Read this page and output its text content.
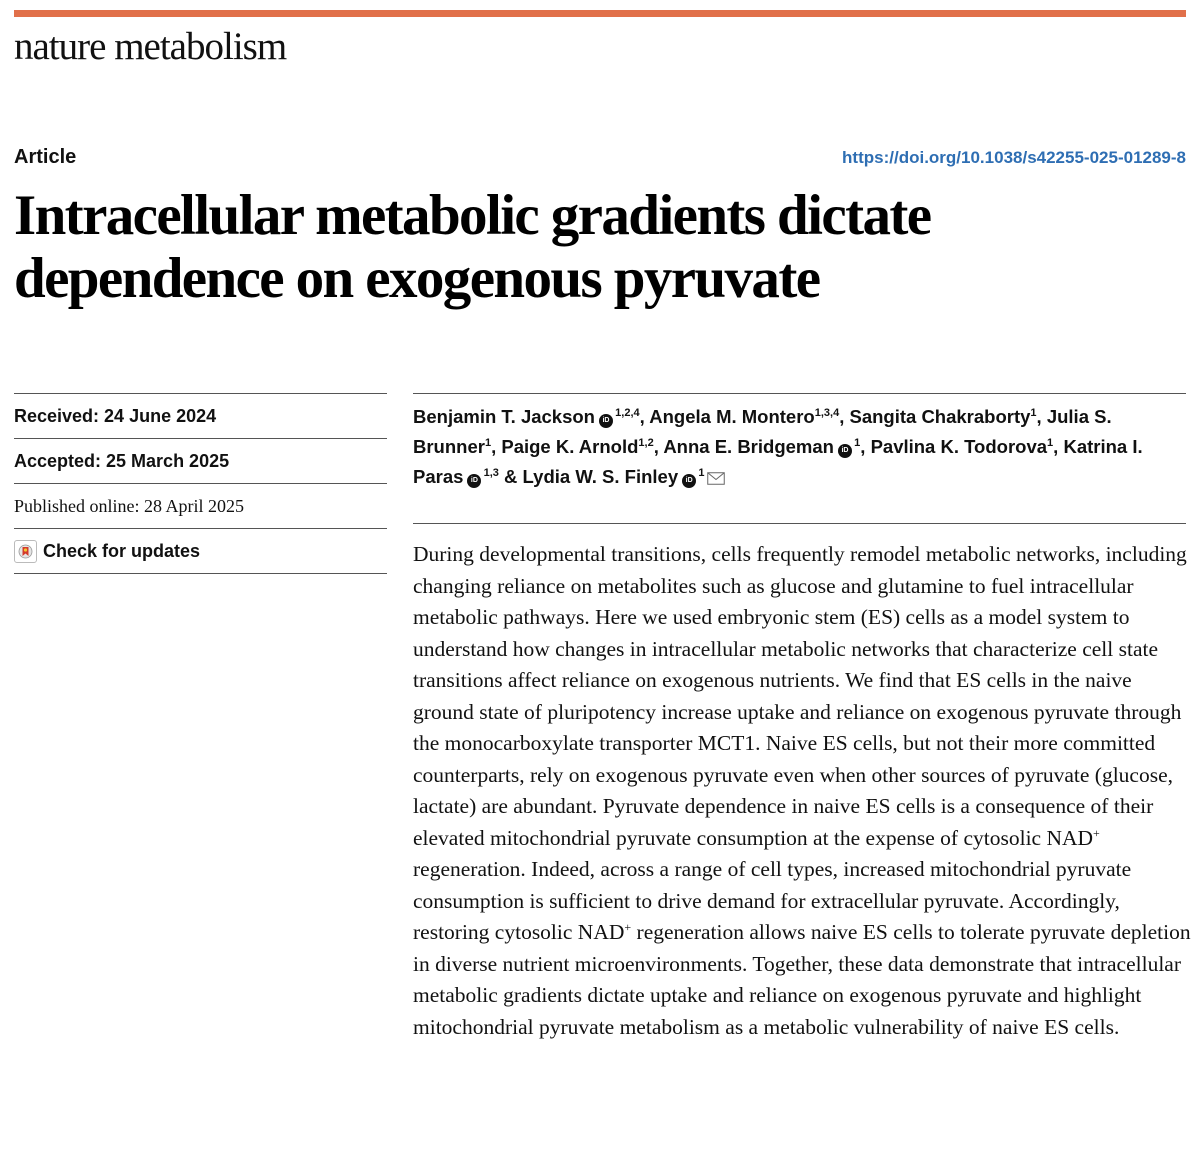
nature metabolism
Article	https://doi.org/10.1038/s42255-025-01289-8
Intracellular metabolic gradients dictate dependence on exogenous pyruvate
Received: 24 June 2024
Accepted: 25 March 2025
Published online: 28 April 2025
Check for updates

Benjamin T. Jackson iD $^{1,2,4}$, Angela M. Montero$^{1,3,4}$, Sangita Chakraborty$^1$, Julia S. Brunner$^1$, Paige K. Arnold$^{1,2}$, Anna E. Bridgeman iD $^1$, Pavlina K. Todorova$^1$, Katrina I. Paras iD $^{1,3}$ & Lydia W. S. Finley iD $^1$

During developmental transitions, cells frequently remodel metabolic networks, including changing reliance on metabolites such as glucose and glutamine to fuel intracellular metabolic pathways. Here we used embryonic stem (ES) cells as a model system to understand how changes in intracellular metabolic networks that characterize cell state transitions affect reliance on exogenous nutrients. We find that ES cells in the naive ground state of pluripotency increase uptake and reliance on exogenous pyruvate through the monocarboxylate transporter MCT1. Naive ES cells, but not their more committed counterparts, rely on exogenous pyruvate even when other sources of pyruvate (glucose, lactate) are abundant. Pyruvate dependence in naive ES cells is a consequence of their elevated mitochondrial pyruvate consumption at the expense of cytosolic NAD+ regeneration. Indeed, across a range of cell types, increased mitochondrial pyruvate consumption is sufficient to drive demand for extracellular pyruvate. Accordingly, restoring cytosolic NAD+ regeneration allows naive ES cells to tolerate pyruvate depletion in diverse nutrient microenvironments. Together, these data demonstrate that intracellular metabolic gradients dictate uptake and reliance on exogenous pyruvate and highlight mitochondrial pyruvate metabolism as a metabolic vulnerability of naive ES cells.
